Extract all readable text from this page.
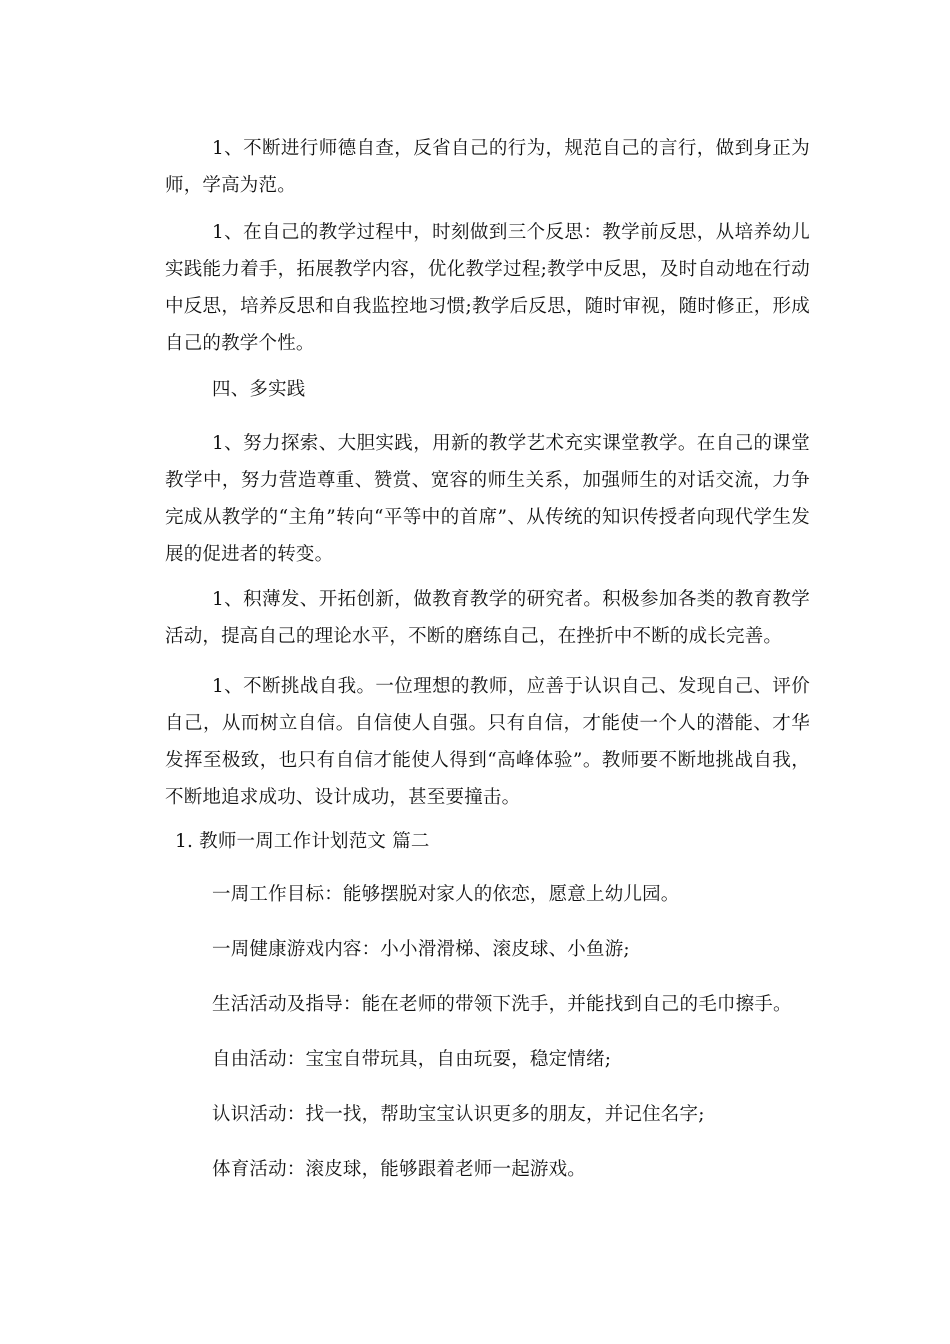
1、不断进行师德自查，反省自己的行为，规范自己的言行，做到身正为师，学高为范。

1、在自己的教学过程中，时刻做到三个反思：教学前反思，从培养幼儿实践能力着手，拓展教学内容，优化教学过程;教学中反思，及时自动地在行动中反思，培养反思和自我监控地习惯;教学后反思，随时审视，随时修正，形成自己的教学个性。

四、多实践

1、努力探索、大胆实践，用新的教学艺术充实课堂教学。在自己的课堂教学中，努力营造尊重、赞赏、宽容的师生关系，加强师生的对话交流，力争完成从教学的“主角”转向“平等中的首席”、从传统的知识传授者向现代学生发展的促进者的转变。

1、积薄发、开拓创新，做教育教学的研究者。积极参加各类的教育教学活动，提高自己的理论水平，不断的磨练自己，在挫折中不断的成长完善。

1、不断挑战自我。一位理想的教师，应善于认识自己、发现自己、评价自己，从而树立自信。自信使人自强。只有自信，才能使一个人的潜能、才华发挥至极致，也只有自信才能使人得到“高峰体验”。教师要不断地挑战自我，不断地追求成功、设计成功，甚至要撞击。

1. 教师一周工作计划范文 篇二

一周工作目标：能够摆脱对家人的依恋，愿意上幼儿园。

一周健康游戏内容：小小滑滑梯、滚皮球、小鱼游;

生活活动及指导：能在老师的带领下洗手，并能找到自己的毛巾擦手。

自由活动：宝宝自带玩具，自由玩耍，稳定情绪;

认识活动：找一找，帮助宝宝认识更多的朋友，并记住名字;

体育活动：滚皮球，能够跟着老师一起游戏。
